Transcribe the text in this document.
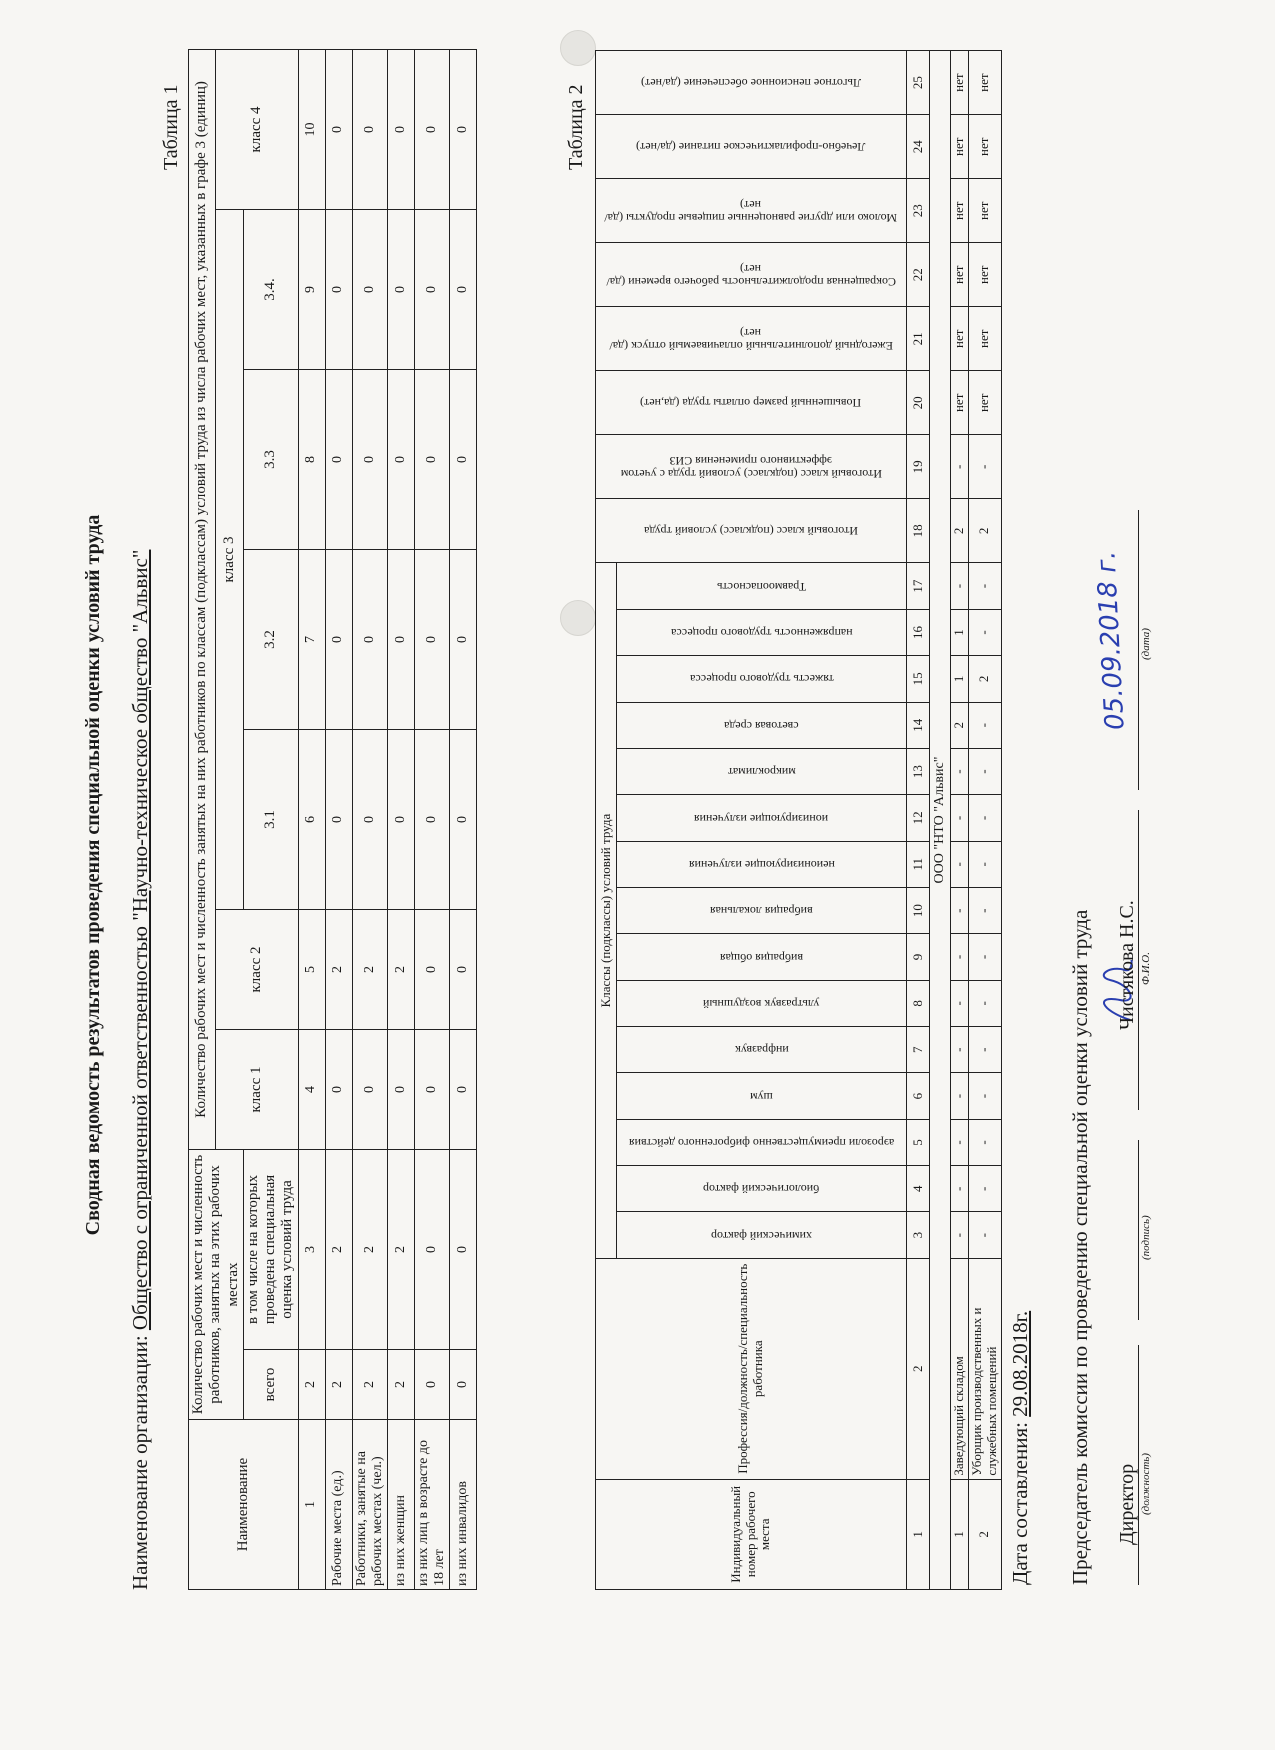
Сводная ведомость результатов проведения специальной оценки условий труда
Наименование организации: Общество с ограниченной ответственностью "Научно-техническое общество "Альвис"
Таблица 1
Наименование	Количество рабочих мест и численность работников, занятых на этих рабочих местах		Количество рабочих мест и численность занятых на них работников по классам (подклассам) условий труда из числа рабочих мест, указанных в графе 3 (единиц)						
			класс 1	класс 2	класс 3				класс 4
	всего	в том числе на которых проведена специальная оценка условий труда			3.1	3.2	3.3	3.4.	
1	2	3	4	5	6	7	8	9	10
Рабочие места (ед.)	2	2	0	2	0	0	0	0	0
Работники, занятые на рабочих местах (чел.)	2	2	0	2	0	0	0	0	0
из них женщин	2	2	0	2	0	0	0	0	0
из них лиц в возрасте до 18 лет	0	0	0	0	0	0	0	0	0
из них инвалидов	0	0	0	0	0	0	0	0	0	Таблица 2
Индивидуальный номер рабочего места	Профессия/должность/специальность работника	Классы (подклассы) условий труда															Итоговый класс (подкласс) условий труда	Итоговый класс (подкласс) условий труда с учетом эффективного применения СИЗ	Повышенный размер оплаты труда (да,нет)	Ежегодный дополнительный оплачиваемый отпуск (да/нет)	Сокращенная продолжительность рабочего времени (да/нет)	Молоко или другие равноценные пищевые продукты (да/нет)	Лечебно-профилактическое питание (да/нет)	Льготное пенсионное обеспечение (да/нет)

		химический фактор	биологический фактор	аэрозоли преимущественно фиброгенного действия	шум	инфразвук	ультразвук воздушный	вибрация общая	вибрация локальная	неионизирующие излучения	ионизирующие излучения	микроклимат	световая среда	тяжесть трудового процесса	напряженность трудового процесса	Травмоопасность								

1	2	3	4	5	6	7	8	9	10	11	12	13	14	15	16	17	18	19	20	21	22	23	24	25
ООО "НТО "Альвис"																								
1	Заведующий складом	-	-	-	-	-	-	-	-	-	-	-	2	1	1	-	2	-	нет	нет	нет	нет	нет	нет
2	Уборщик производственных и служебных помещений	-	-	-	-	-	-	-	-	-	-	-	-	2	-	-	2	-	нет	нет	нет	нет	нет	нет
Дата составления: 29.08.2018г. Председатель комиссии по проведению специальной оценки условий труда Директор (должность)
(подпись)
Чистякова Н.С. Ф.И.О.
05.09.2018 г. (дата)
